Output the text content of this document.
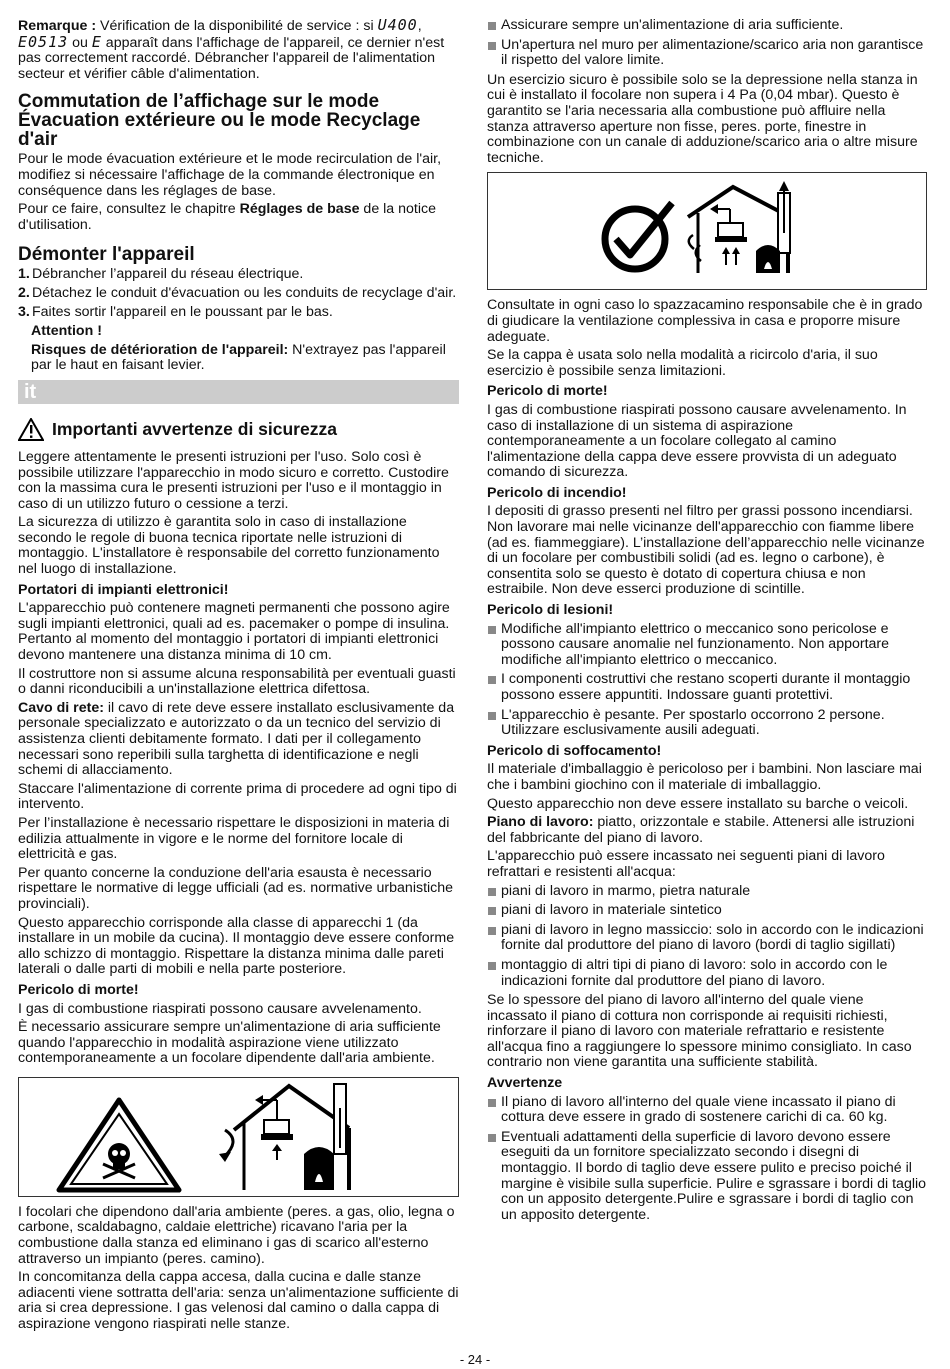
Remarque : Vérification de la disponibilité de service : si U400, E0513 ou E apparaît dans l'affichage de l'appareil, ce dernier n'est pas correctement raccordé. Débrancher l'appareil de l'alimentation secteur et vérifier câble d'alimentation.

Commutation de l’affichage sur le mode Évacuation extérieure ou le mode Recyclage d'air

Pour le mode évacuation extérieure et le mode recirculation de l'air, modifiez si nécessaire l'affichage de la commande électronique en conséquence dans les réglages de base.

Pour ce faire, consultez le chapitre Réglages de base de la notice d'utilisation.

Démonter l'appareil
1. Débrancher l’appareil du réseau électrique.
2. Détachez le conduit d'évacuation ou les conduits de recyclage d'air.
3. Faites sortir l'appareil en le poussant par le bas.

Attention !

Risques de détérioration de l'appareil: N'extrayez pas l'appareil par le haut en faisant levier.

it
Importanti avvertenze di sicurezza

Leggere attentamente le presenti istruzioni per l'uso. Solo così è possibile utilizzare l'apparecchio in modo sicuro e corretto. Custodire con la massima cura le presenti istruzioni per l'uso e il montaggio in caso di un utilizzo futuro o cessione a terzi.

La sicurezza di utilizzo è garantita solo in caso di installazione secondo le regole di buona tecnica riportate nelle istruzioni di montaggio. L'installatore è responsabile del corretto funzionamento nel luogo di installazione.

Portatori di impianti elettronici!

L'apparecchio può contenere magneti permanenti che possono agire sugli impianti elettronici, quali ad es. pacemaker o pompe di insulina. Pertanto al momento del montaggio i portatori di impianti elettronici devono mantenere una distanza minima di 10 cm.

Il costruttore non si assume alcuna responsabilità per eventuali guasti o danni riconducibili a un'installazione elettrica difettosa.

Cavo di rete: il cavo di rete deve essere installato esclusivamente da personale specializzato e autorizzato o da un tecnico del servizio di assistenza clienti debitamente formato. I dati per il collegamento necessari sono reperibili sulla targhetta di identificazione e negli schemi di allacciamento.

Staccare l'alimentazione di corrente prima di procedere ad ogni tipo di intervento.

Per l’installazione è necessario rispettare le disposizioni in materia di edilizia attualmente in vigore e le norme del fornitore locale di elettricità e gas.

Per quanto concerne la conduzione dell'aria esausta è necessario rispettare le normative di legge ufficiali (ad es. normative urbanistiche provinciali).

Questo apparecchio corrisponde alla classe di apparecchi 1 (da installare in un mobile da cucina). Il montaggio deve essere conforme allo schizzo di montaggio. Rispettare la distanza minima dalle pareti laterali o dalle parti di mobili e nella parte posteriore.

Pericolo di morte!

I gas di combustione riaspirati possono causare avvelenamento.

È necessario assicurare sempre un'alimentazione di aria sufficiente quando l'apparecchio in modalità aspirazione viene utilizzato contemporaneamente a un focolare dipendente dall'aria ambiente.

I focolari che dipendono dall'aria ambiente (peres. a gas, olio, legna o carbone, scaldabagno, caldaie elettriche) ricavano l'aria per la combustione dalla stanza ed eliminano i gas di scarico all'esterno attraverso un impianto (peres. camino).

In concomitanza della cappa accesa, dalla cucina e dalle stanze adiacenti viene sottratta dell'aria: senza un'alimentazione sufficiente di aria si crea depressione. I gas velenosi dal camino o dalla cappa di aspirazione vengono riaspirati nelle stanze.

Assicurare sempre un'alimentazione di aria sufficiente.
Un'apertura nel muro per alimentazione/scarico aria non garantisce il rispetto del valore limite.

Un esercizio sicuro è possibile solo se la depressione nella stanza in cui è installato il focolare non supera i 4 Pa (0,04 mbar). Questo è garantito se l'aria necessaria alla combustione può affluire nella stanza attraverso aperture non fisse, peres. porte, finestre in combinazione con un canale di adduzione/scarico aria o altre misure tecniche.

Consultate in ogni caso lo spazzacamino responsabile che è in grado di giudicare la ventilazione complessiva in casa e proporre misure adeguate.

Se la cappa è usata solo nella modalità a ricircolo d'aria, il suo esercizio è possibile senza limitazioni.

Pericolo di morte!

I gas di combustione riaspirati possono causare avvelenamento. In caso di installazione di un sistema di aspirazione contemporaneamente a un focolare collegato al camino l'alimentazione della cappa deve essere provvista di un adeguato comando di sicurezza.

Pericolo di incendio!

I depositi di grasso presenti nel filtro per grassi possono incendiarsi. Non lavorare mai nelle vicinanze dell'apparecchio con fiamme libere (ad es. fiammeggiare). L’installazione dell’apparecchio nelle vicinanze di un focolare per combustibili solidi (ad es. legno o carbone), è consentita solo se questo è dotato di copertura chiusa e non estraibile. Non deve esserci produzione di scintille.

Pericolo di lesioni!
Modifiche all'impianto elettrico o meccanico sono pericolose e possono causare anomalie nel funzionamento. Non apportare modifiche all'impianto elettrico o meccanico.
I componenti costruttivi che restano scoperti durante il montaggio possono essere appuntiti. Indossare guanti protettivi.
L'apparecchio è pesante. Per spostarlo occorrono 2 persone. Utilizzare esclusivamente ausili adeguati.
Pericolo di soffocamento!

Il materiale d'imballaggio è pericoloso per i bambini. Non lasciare mai che i bambini giochino con il materiale di imballaggio.

Questo apparecchio non deve essere installato su barche o veicoli.

Piano di lavoro: piatto, orizzontale e stabile. Attenersi alle istruzioni del fabbricante del piano di lavoro.

L'apparecchio può essere incassato nei seguenti piani di lavoro refrattari e resistenti all'acqua:

piani di lavoro in marmo, pietra naturale
piani di lavoro in materiale sintetico
piani di lavoro in legno massiccio: solo in accordo con le indicazioni fornite dal produttore del piano di lavoro (bordi di taglio sigillati)
montaggio di altri tipi di piano di lavoro: solo in accordo con le indicazioni fornite dal produttore del piano di lavoro.

Se lo spessore del piano di lavoro all'interno del quale viene incassato il piano di cottura non corrisponde ai requisiti richiesti, rinforzare il piano di lavoro con materiale refrattario e resistente all'acqua fino a raggiungere lo spessore minimo consigliato. In caso contrario non viene garantita una sufficiente stabilità.

Avvertenze
Il piano di lavoro all'interno del quale viene incassato il piano di cottura deve essere in grado di sostenere carichi di ca. 60 kg.
Eventuali adattamenti della superficie di lavoro devono essere eseguiti da un fornitore specializzato secondo i disegni di montaggio. Il bordo di taglio deve essere pulito e preciso poiché il margine è visibile sulla superficie. Pulire e sgrassare i bordi di taglio con un apposito detergente.Pulire e sgrassare i bordi di taglio con un apposito detergente.
- 24 -
